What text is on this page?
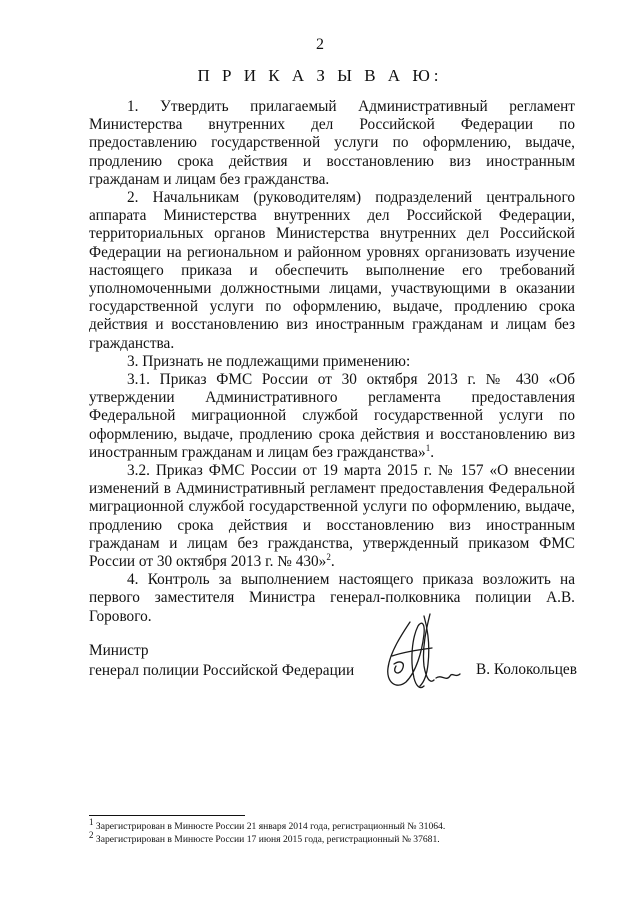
2
П Р И К А З Ы В А Ю:

1. Утвердить прилагаемый Административный регламент Министерства внутренних дел Российской Федерации по предоставлению государственной услуги по оформлению, выдаче, продлению срока действия и восстановлению виз иностранным гражданам и лицам без гражданства.

2. Начальникам (руководителям) подразделений центрального аппарата Министерства внутренних дел Российской Федерации, территориальных органов Министерства внутренних дел Российской Федерации на региональном и районном уровнях организовать изучение настоящего приказа и обеспечить выполнение его требований уполномоченными должностными лицами, участвующими в оказании государственной услуги по оформлению, выдаче, продлению срока действия и восстановлению виз иностранным гражданам и лицам без гражданства.

3. Признать не подлежащими применению:

3.1. Приказ ФМС России от 30 октября 2013 г. № 430 «Об утверждении Административного регламента предоставления Федеральной миграционной службой государственной услуги по оформлению, выдаче, продлению срока действия и восстановлению виз иностранным гражданам и лицам без гражданства»$^1$.

3.2. Приказ ФМС России от 19 марта 2015 г. № 157 «О внесении изменений в Административный регламент предоставления Федеральной миграционной службой государственной услуги по оформлению, выдаче, продлению срока действия и восстановлению виз иностранным гражданам и лицам без гражданства, утвержденный приказом ФМС России от 30 октября 2013 г. № 430»$^2$.

4. Контроль за выполнением настоящего приказа возложить на первого заместителя Министра генерал-полковника полиции А.В. Горового.

Министр
генерал полиции Российской Федерации	В. Колокольцев

$^1$ Зарегистрирован в Минюсте России 21 января 2014 года, регистрационный № 31064.

$^2$ Зарегистрирован в Минюсте России 17 июня 2015 года, регистрационный № 37681.
